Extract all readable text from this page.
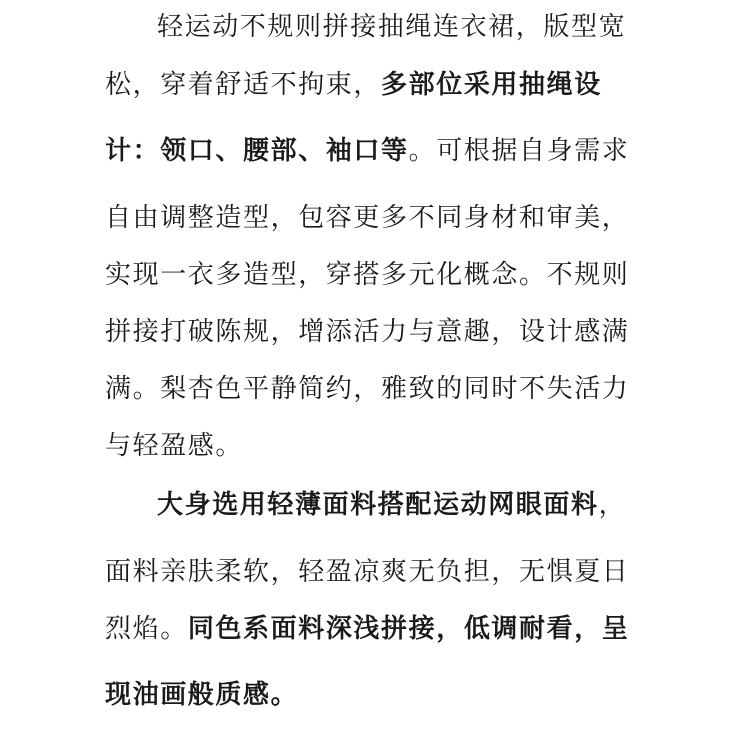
轻运动不规则拼接抽绳连衣裙，版型宽
松，穿着舒适不拘束，多部位采用抽绳设
计：领口、腰部、袖口等。可根据自身需求
自由调整造型，包容更多不同身材和审美，
实现一衣多造型，穿搭多元化概念。不规则
拼接打破陈规，增添活力与意趣，设计感满
满。梨杏色平静简约，雅致的同时不失活力
与轻盈感。
大身选用轻薄面料搭配运动网眼面料，
面料亲肤柔软，轻盈凉爽无负担，无惧夏日
烈焰。同色系面料深浅拼接，低调耐看，呈
现油画般质感。
